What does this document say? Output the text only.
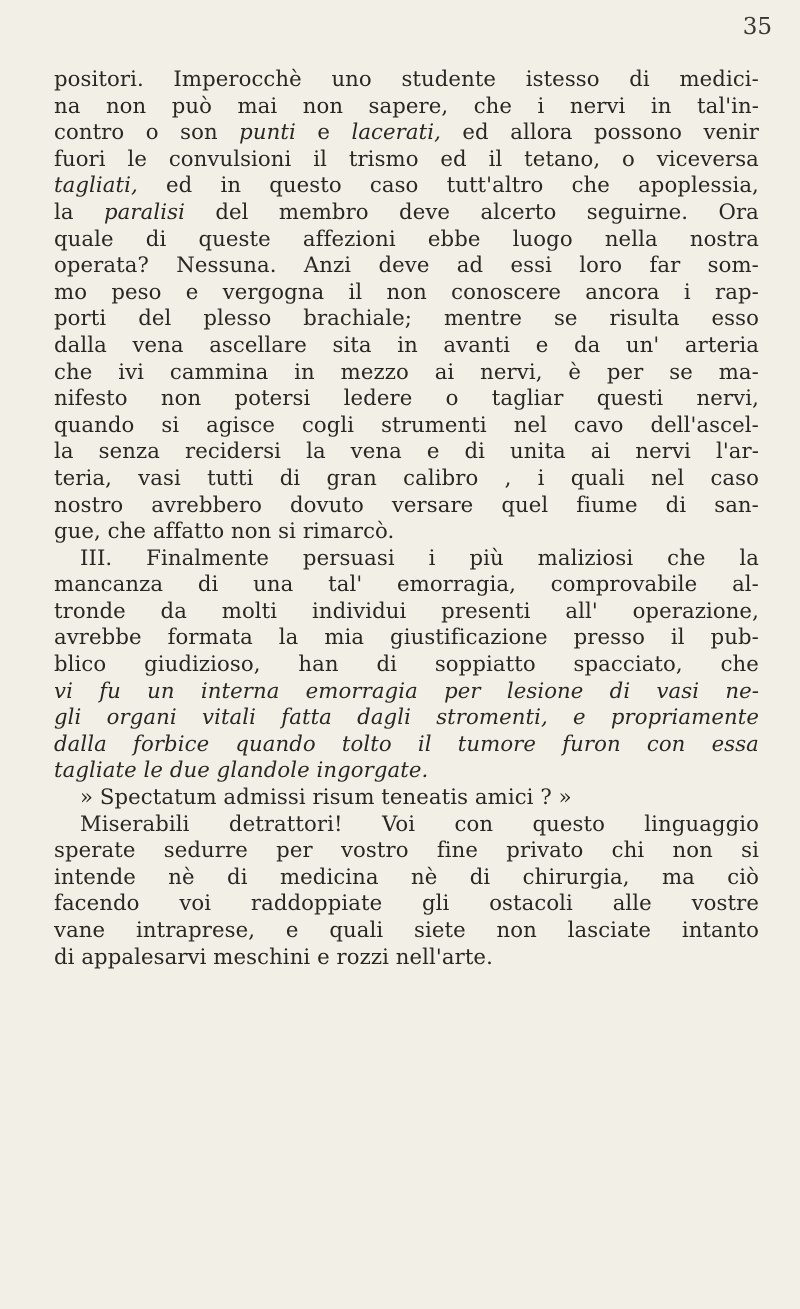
35
positori. Imperocchè uno studente istesso di medici-
na non può mai non sapere, che i nervi in tal'in-
contro o son punti e lacerati, ed allora possono venir
fuori le convulsioni il trismo ed il tetano, o viceversa
tagliati, ed in questo caso tutt'altro che apoplessia,
la paralisi del membro deve alcerto seguirne. Ora
quale di queste affezioni ebbe luogo nella nostra
operata? Nessuna. Anzi deve ad essi loro far som-
mo peso e vergogna il non conoscere ancora i rap-
porti del plesso brachiale; mentre se risulta esso
dalla vena ascellare sita in avanti e da un' arteria
che ivi cammina in mezzo ai nervi, è per se ma-
nifesto non potersi ledere o tagliar questi nervi,
quando si agisce cogli strumenti nel cavo dell'ascel-
la senza recidersi la vena e di unita ai nervi l'ar-
teria, vasi tutti di gran calibro , i quali nel caso
nostro avrebbero dovuto versare quel fiume di san-
gue, che affatto non si rimarcò.
III. Finalmente persuasi i più maliziosi che la
mancanza di una tal' emorragia, comprovabile al-
tronde da molti individui presenti all' operazione,
avrebbe formata la mia giustificazione presso il pub-
blico giudizioso, han di soppiatto spacciato, che
vi fu un interna emorragia per lesione di vasi ne-
gli organi vitali fatta dagli stromenti, e propriamente
dalla forbice quando tolto il tumore furon con essa
tagliate le due glandole ingorgate.
» Spectatum admissi risum teneatis amici ? »
Miserabili detrattori! Voi con questo linguaggio
sperate sedurre per vostro fine privato chi non si
intende nè di medicina nè di chirurgia, ma ciò
facendo voi raddoppiate gli ostacoli alle vostre
vane intraprese, e quali siete non lasciate intanto
di appalesarvi meschini e rozzi nell'arte.
